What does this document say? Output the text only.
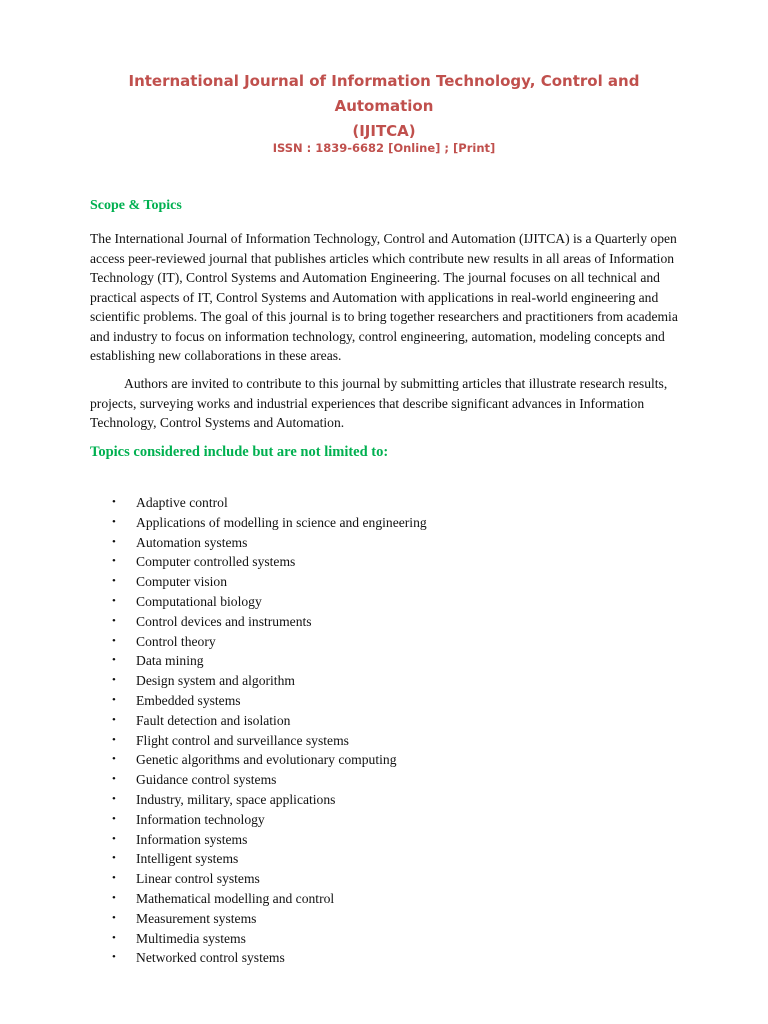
International Journal of Information Technology, Control and Automation
(IJITCA)
ISSN : 1839-6682 [Online] ; [Print]
Scope & Topics

The International Journal of Information Technology, Control and Automation (IJITCA) is a Quarterly open access peer-reviewed journal that publishes articles which contribute new results in all areas of Information Technology (IT), Control Systems and Automation Engineering. The journal focuses on all technical and practical aspects of IT, Control Systems and Automation with applications in real-world engineering and scientific problems. The goal of this journal is to bring together researchers and practitioners from academia and industry to focus on information technology, control engineering, automation, modeling concepts and establishing new collaborations in these areas.

Authors are invited to contribute to this journal by submitting articles that illustrate research results, projects, surveying works and industrial experiences that describe significant advances in Information Technology, Control Systems and Automation.

Topics considered include but are not limited to:
• Adaptive control
• Applications of modelling in science and engineering
• Automation systems
• Computer controlled systems
• Computer vision
• Computational biology
• Control devices and instruments
• Control theory
• Data mining
• Design system and algorithm
• Embedded systems
• Fault detection and isolation
• Flight control and surveillance systems
• Genetic algorithms and evolutionary computing
• Guidance control systems
• Industry, military, space applications
• Information technology
• Information systems
• Intelligent systems
• Linear control systems
• Mathematical modelling and control
• Measurement systems
• Multimedia systems
• Networked control systems
